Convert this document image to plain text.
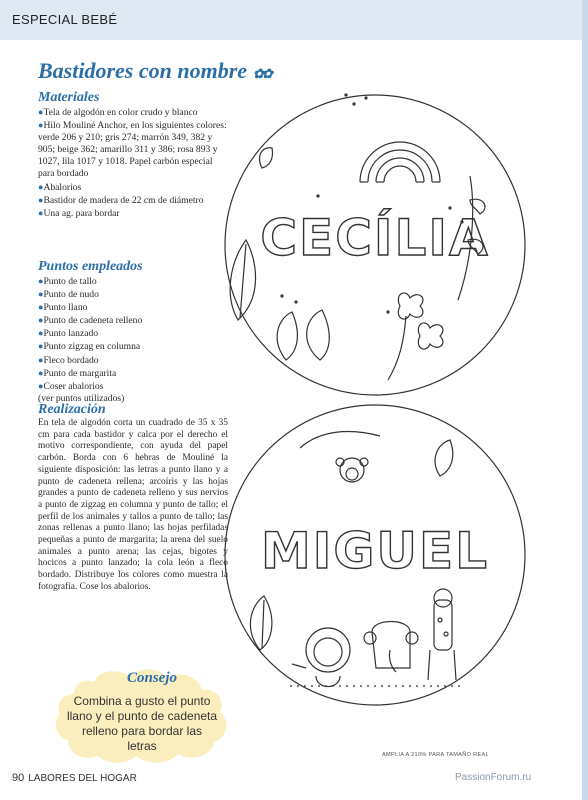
ESPECIAL BEBÉ
Bastidores con nombre ✿✿

Materiales

●Tela de algodón en color crudo y blanco
●Hilo Mouliné Anchor, en los siguientes colores: verde 206 y 210; gris 274; marrón 349, 382 y 905; beige 362; amarillo 311 y 386; rosa 893 y 1027, lila 1017 y 1018. Papel carbón especial para bordado
●Abalorios
●Bastidor de madera de 22 cm de diámetro
●Una ag. para bordar

Puntos empleados

●Punto de tallo
●Punto de nudo
●Punto llano
●Punto de cadeneta relleno
●Punto lanzado
●Punto zigzag en columna
●Fleco bordado
●Punto de margarita
●Coser abalorios
(ver puntos utilizados)

Realización

En tela de algodón corta un cuadrado de 35 x 35 cm para cada bastidor y calca por el derecho el motivo correspondiente, con ayuda del papel carbón. Borda con 6 hebras de Mouliné la siguiente disposición: las letras a punto llano y a punto de cadeneta rellena; arcoíris y las hojas grandes a punto de cadeneta relleno y sus nervios a punto de zigzag en columna y punto de tallo; el perfil de los animales y tallos a punto de tallo; las zonas rellenas a punto llano; las hojas perfiladas pequeñas a punto de margarita; la arena del suelo animales a punto arena; las cejas, bigotes y hocicos a punto lanzado; la cola león a fleco bordado. Distribuye los colores como muestra la fotografía. Cose los abalorios.

Consejo
Combina a gusto el punto llano y el punto de cadeneta relleno para bordar las letras
CECÍLIA
MIGUEL
AMPLIA A 210% PARA TAMAÑO REAL
90 LABORES DEL HOGAR	PassionForum.ru
